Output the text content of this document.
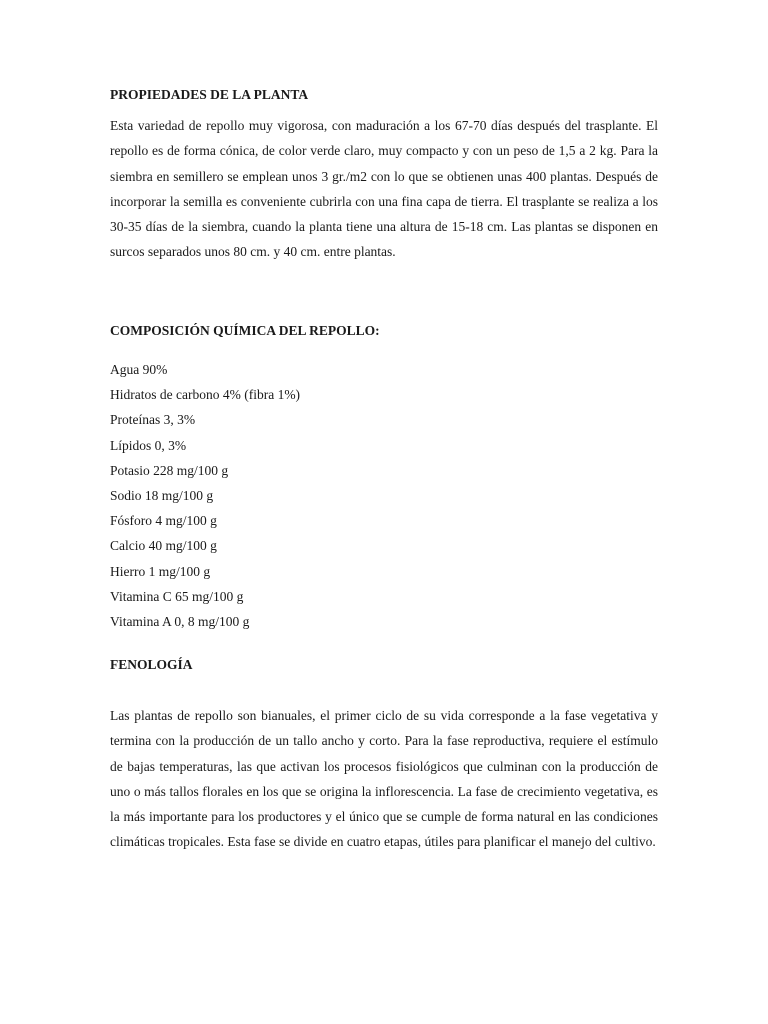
PROPIEDADES DE LA PLANTA

Esta variedad de repollo muy vigorosa, con maduración a los 67-70 días después del trasplante. El repollo es de forma cónica, de color verde claro, muy compacto y con un peso de 1,5 a 2 kg. Para la siembra en semillero se emplean unos 3 gr./m2 con lo que se obtienen unas 400 plantas. Después de incorporar la semilla es conveniente cubrirla con una fina capa de tierra. El trasplante se realiza a los 30-35 días de la siembra, cuando la planta tiene una altura de 15-18 cm. Las plantas se disponen en surcos separados unos 80 cm. y 40 cm. entre plantas.

COMPOSICIÓN QUÍMICA DEL REPOLLO:
Agua 90%
Hidratos de carbono 4% (fibra 1%)
Proteínas 3, 3%
Lípidos 0, 3%
Potasio 228 mg/100 g
Sodio 18 mg/100 g
Fósforo 4 mg/100 g
Calcio 40 mg/100 g
Hierro 1 mg/100 g
Vitamina C 65 mg/100 g
Vitamina A 0, 8 mg/100 g
FENOLOGÍA

Las plantas de repollo son bianuales, el primer ciclo de su vida corresponde a la fase vegetativa y termina con la producción de un tallo ancho y corto. Para la fase reproductiva, requiere el estímulo de bajas temperaturas, las que activan los procesos fisiológicos que culminan con la producción de uno o más tallos florales en los que se origina la inflorescencia. La fase de crecimiento vegetativa, es la más importante para los productores y el único que se cumple de forma natural en las condiciones climáticas tropicales. Esta fase se divide en cuatro etapas, útiles para planificar el manejo del cultivo.
